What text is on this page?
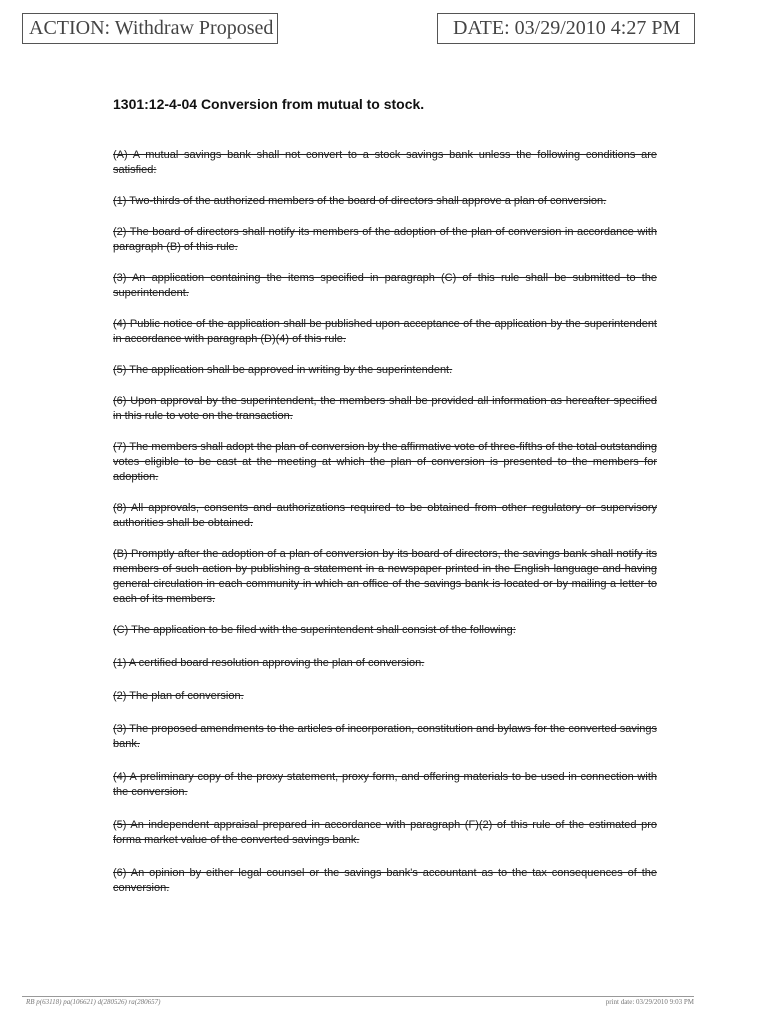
ACTION: Withdraw Proposed	DATE: 03/29/2010 4:27 PM
1301:12-4-04 Conversion from mutual to stock.

(A) A mutual savings bank shall not convert to a stock savings bank unless the following conditions are satisfied:

(1) Two-thirds of the authorized members of the board of directors shall approve a plan of conversion.

(2) The board of directors shall notify its members of the adoption of the plan of conversion in accordance with paragraph (B) of this rule.

(3) An application containing the items specified in paragraph (C) of this rule shall be submitted to the superintendent.

(4) Public notice of the application shall be published upon acceptance of the application by the superintendent in accordance with paragraph (D)(4) of this rule.

(5) The application shall be approved in writing by the superintendent.

(6) Upon approval by the superintendent, the members shall be provided all information as hereafter specified in this rule to vote on the transaction.

(7) The members shall adopt the plan of conversion by the affirmative vote of three-fifths of the total outstanding votes eligible to be cast at the meeting at which the plan of conversion is presented to the members for adoption.

(8) All approvals, consents and authorizations required to be obtained from other regulatory or supervisory authorities shall be obtained.

(B) Promptly after the adoption of a plan of conversion by its board of directors, the savings bank shall notify its members of such action by publishing a statement in a newspaper printed in the English language and having general circulation in each community in which an office of the savings bank is located or by mailing a letter to each of its members.

(C) The application to be filed with the superintendent shall consist of the following:

(1) A certified board resolution approving the plan of conversion.

(2) The plan of conversion.

(3) The proposed amendments to the articles of incorporation, constitution and bylaws for the converted savings bank.

(4) A preliminary copy of the proxy statement, proxy form, and offering materials to be used in connection with the conversion.

(5) An independent appraisal prepared in accordance with paragraph (F)(2) of this rule of the estimated pro forma market value of the converted savings bank.

(6) An opinion by either legal counsel or the savings bank's accountant as to the tax consequences of the conversion.

RB p(63118) pa(106621) d(280526) ra(280657)	print date: 03/29/2010 9:03 PM
